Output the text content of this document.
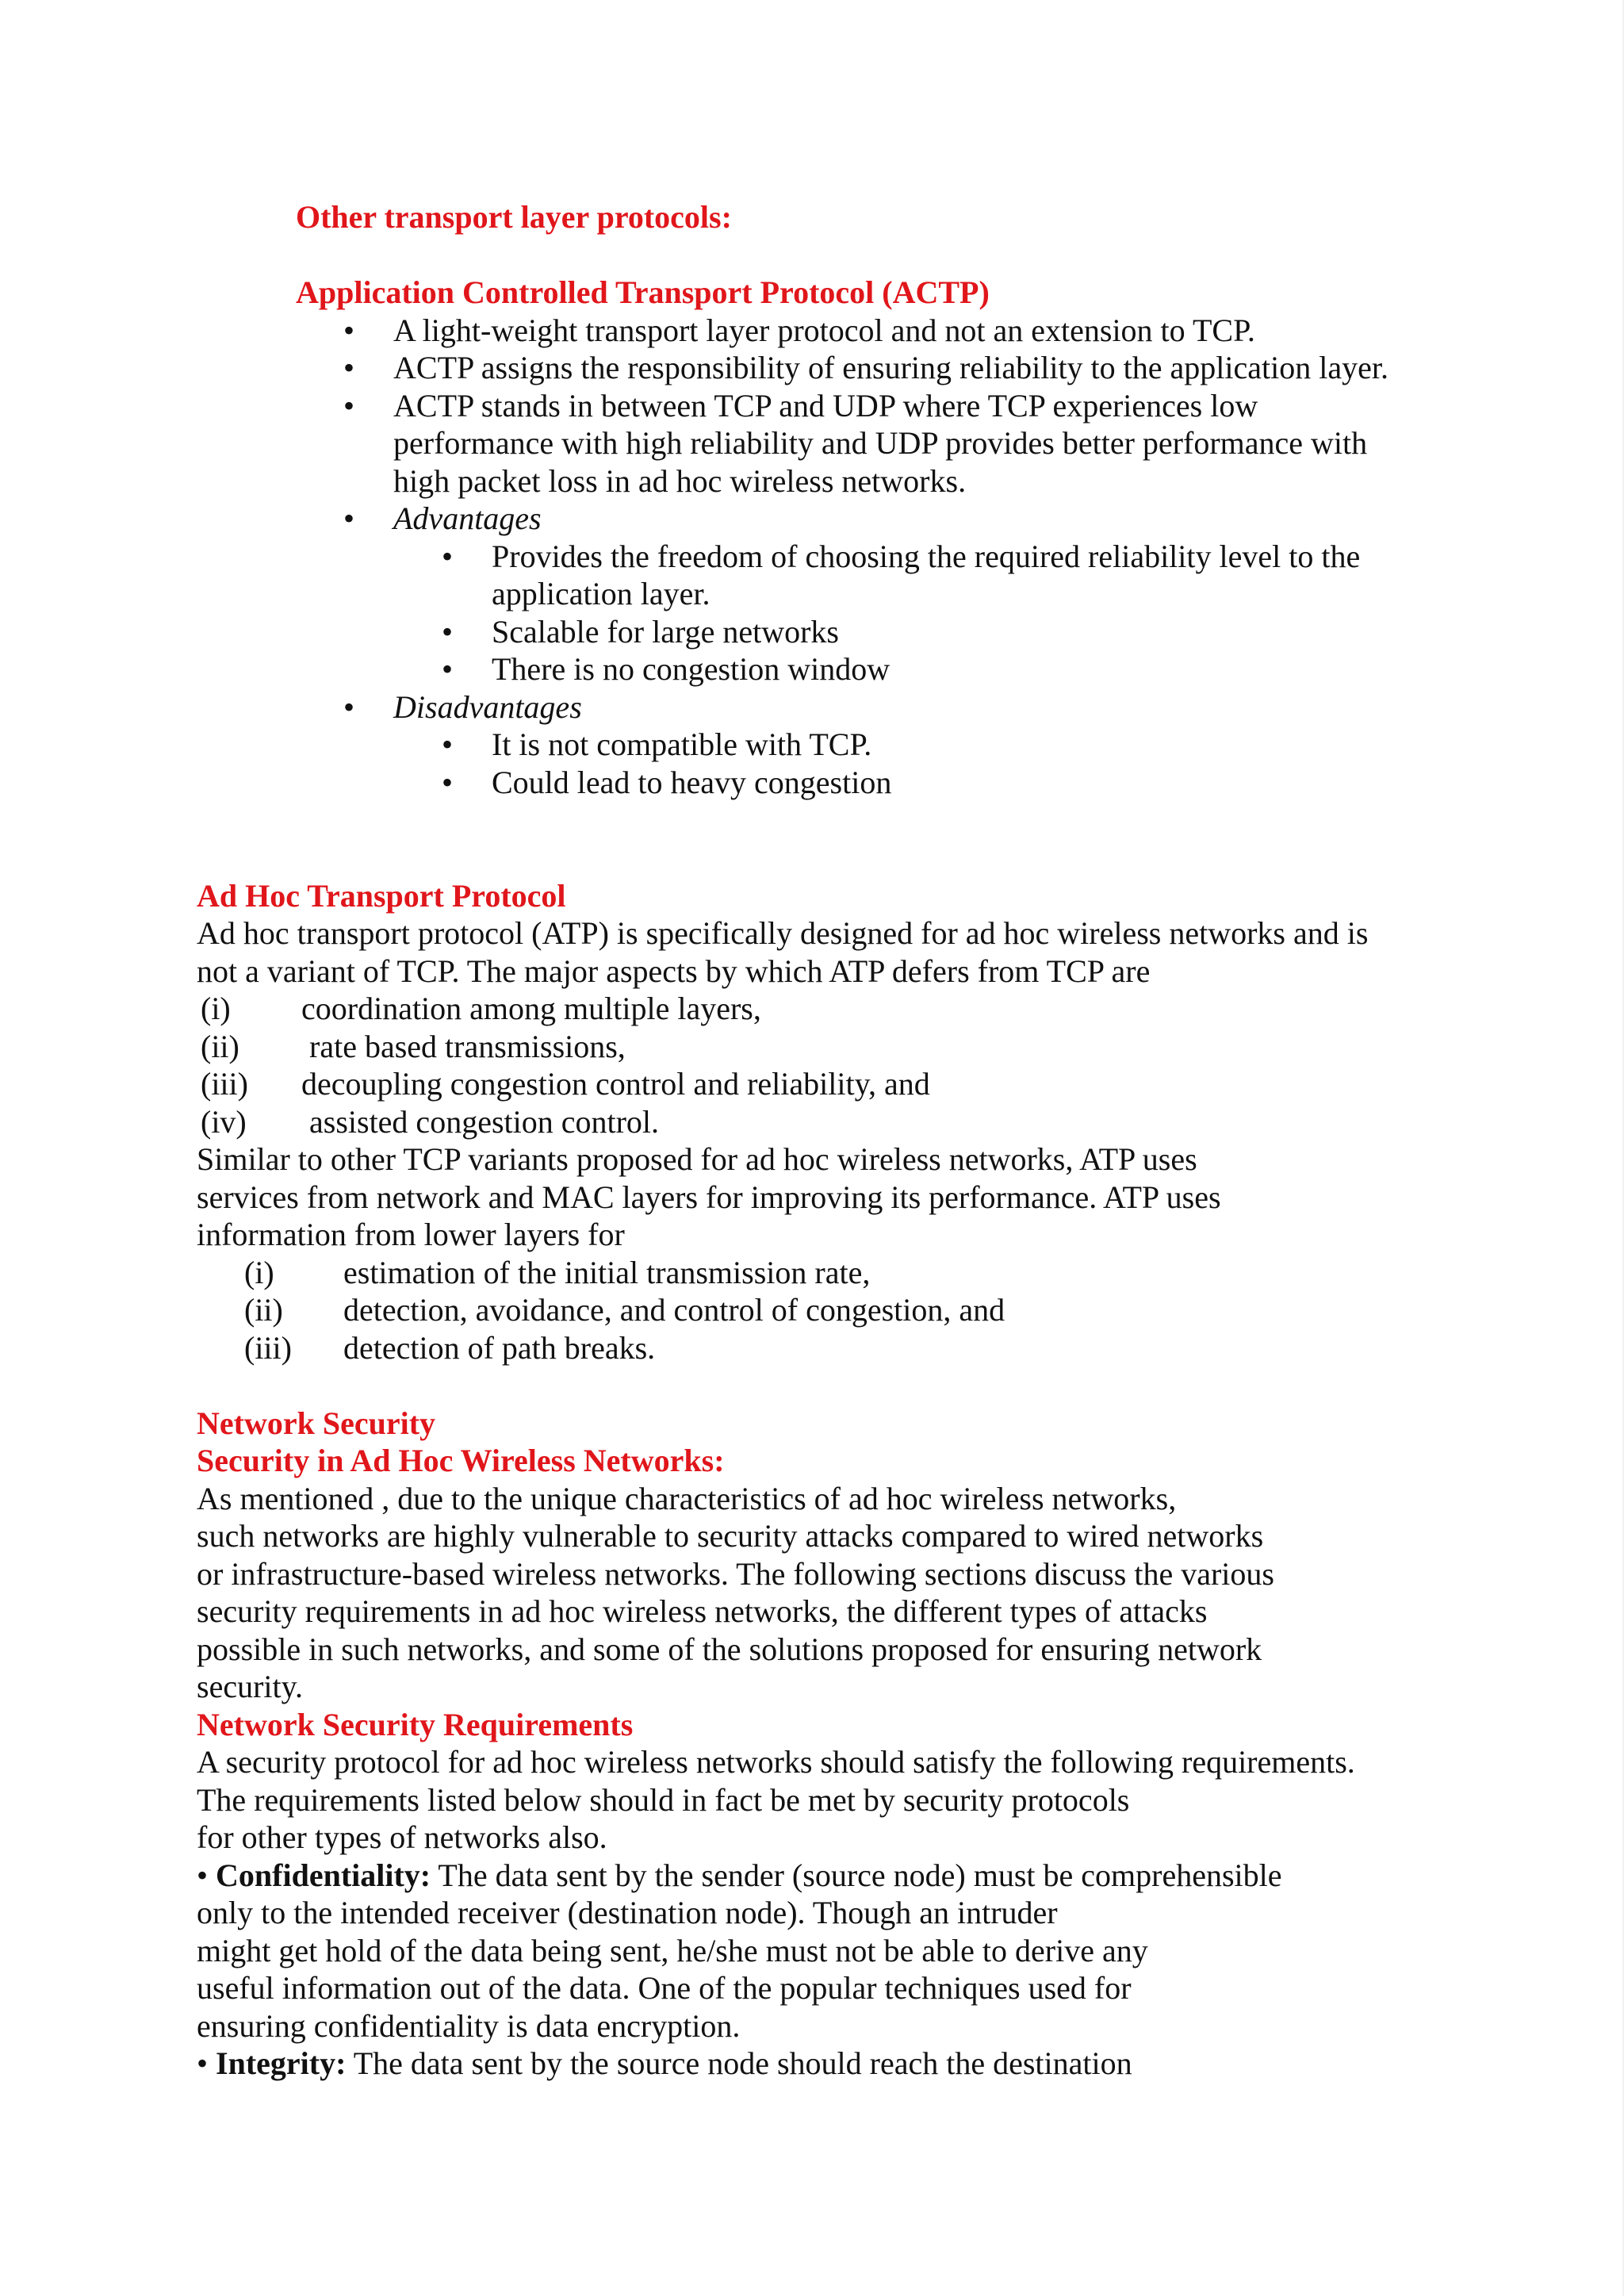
Other transport layer protocols:
Application Controlled Transport Protocol (ACTP)
• A light-weight transport layer protocol and not an extension to TCP.
• ACTP assigns the responsibility of ensuring reliability to the application layer.
• ACTP stands in between TCP and UDP where TCP experiences low
performance with high reliability and UDP provides better performance with
high packet loss in ad hoc wireless networks.
• Advantages
• Provides the freedom of choosing the required reliability level to the
application layer.
• Scalable for large networks
• There is no congestion window
• Disadvantages
• It is not compatible with TCP.
• Could lead to heavy congestion
Ad Hoc Transport Protocol
Ad hoc transport protocol (ATP) is specifically designed for ad hoc wireless networks and is
not a variant of TCP. The major aspects by which ATP defers from TCP are
(i) coordination among multiple layers,
(ii) rate based transmissions,
(iii) decoupling congestion control and reliability, and
(iv) assisted congestion control.
Similar to other TCP variants proposed for ad hoc wireless networks, ATP uses
services from network and MAC layers for improving its performance. ATP uses
information from lower layers for
(i) estimation of the initial transmission rate,
(ii) detection, avoidance, and control of congestion, and
(iii) detection of path breaks.
Network Security
Security in Ad Hoc Wireless Networks:
As mentioned , due to the unique characteristics of ad hoc wireless networks,
such networks are highly vulnerable to security attacks compared to wired networks
or infrastructure-based wireless networks. The following sections discuss the various
security requirements in ad hoc wireless networks, the different types of attacks
possible in such networks, and some of the solutions proposed for ensuring network
security.
Network Security Requirements
A security protocol for ad hoc wireless networks should satisfy the following requirements.
The requirements listed below should in fact be met by security protocols
for other types of networks also.
• Confidentiality: The data sent by the sender (source node) must be comprehensible
only to the intended receiver (destination node). Though an intruder
might get hold of the data being sent, he/she must not be able to derive any
useful information out of the data. One of the popular techniques used for
ensuring confidentiality is data encryption.
• Integrity: The data sent by the source node should reach the destination
